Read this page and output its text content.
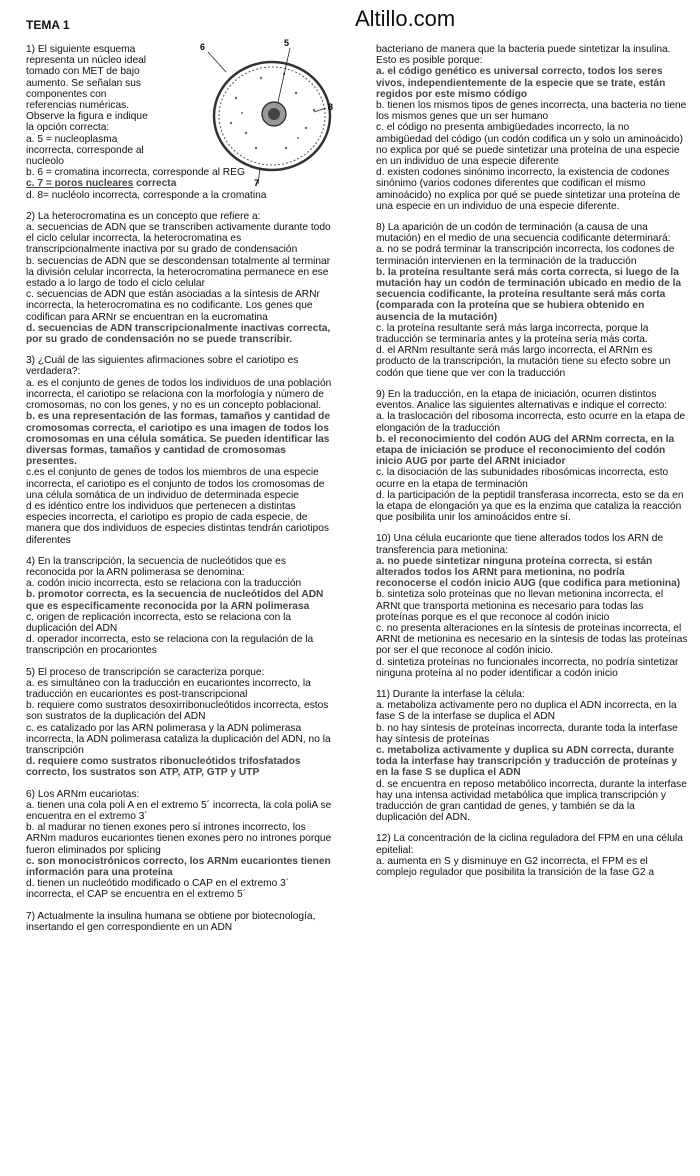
TEMA 1	Altillo.com
5
6
7
8
1) El siguiente esquema
representa un núcleo ideal
tomado con MET de bajo
aumento. Se señalan sus
componentes con
referencias numéricas.
Observe la figura e indique
la opción correcta:
a. 5 = nucleoplasma
incorrecta, corresponde al nucleolo
b. 6 = cromatina incorrecta, corresponde al REG
c. 7 = poros nucleares correcta
d. 8= nucléolo incorrecta, corresponde a la cromatina
2) La heterocromatina es un concepto que refiere a:
a. secuencias de ADN que se transcriben activamente durante todo el ciclo celular incorrecta, la heterocromatina es transcripcionalmente inactiva por su grado de condensación
b. secuencias de ADN que se descondensan totalmente al terminar la división celular incorrecta, la heterocromatina permanece en ese estado a lo largo de todo el ciclo celular
c. secuencias de ADN que están asociadas a la síntesis de ARNr incorrecta, la heterocromatina es no codificante. Los genes que codifican para ARNr se encuentran en la eucromatina
d. secuencias de ADN transcripcionalmente inactivas correcta, por su grado de condensación no se puede transcribir.
3) ¿Cuál de las siguientes afirmaciones sobre el cariotipo es verdadera?:
a. es el conjunto de genes de todos los individuos de una población incorrecta, el cariotipo se relaciona con la morfología y número de cromosomas, no con los genes, y no es un concepto poblacional.
b. es una representación de las formas, tamaños y cantidad de cromosomas correcta, el cariotipo es una imagen de todos los cromosomas en una célula somática. Se pueden identificar las diversas formas, tamaños y cantidad de cromosomas presentes.
c.es el conjunto de genes de todos los miembros de una especie incorrecta, el cariotipo es el conjunto de todos los cromosomas de una célula somática de un individuo de determinada especie
d es idéntico entre los individuos que pertenecen a distintas especies incorrecta, el cariotipo es propio de cada especie, de manera que dos individuos de especies distintas tendrán cariotipos diferentes
4) En la transcripción, la secuencia de nucleótidos que es reconocida por la ARN polimerasa se denomina:
a. codón inicio incorrecta, esto se relaciona con la traducción
b. promotor correcta, es la secuencia de nucleótidos del ADN que es específicamente reconocida por la ARN polimerasa
c. origen de replicación incorrecta, esto se relaciona con la duplicación del ADN
d. operador incorrecta, esto se relaciona con la regulación de la transcripción en procariontes
5) El proceso de transcripción se caracteriza porque:
a. es simultáneo con la traducción en eucariontes incorrecto, la traducción en eucariontes es post-transcripcional
b. requiere como sustratos desoxirribonucleótidos incorrecta, estos son sustratos de la duplicación del ADN
c. es catalizado por las ARN polimerasa y la ADN polimerasa incorrecta, la ADN polimerasa cataliza la duplicación del ADN, no la transcripción
d. requiere como sustratos ribonucleótidos trifosfatados correcto, los sustratos son ATP, ATP, GTP y UTP
6) Los ARNm eucariotas:
a. tienen una cola poli A en el extremo 5´ incorrecta, la cola poliA se encuentra en el extremo 3´
b. al madurar no tienen exones pero sí intrones incorrecto, los ARNm maduros eucariontes tienen exones pero no intrones porque fueron eliminados por splicing
c. son monocistrónicos correcto, los ARNm eucariontes tienen información para una proteína
d. tienen un nucleótido modificado o CAP en el extremo 3´ incorrecta, el CAP se encuentra en el extremo 5´
7) Actualmente la insulina humana se obtiene por biotecnología, insertando el gen correspondiente en un ADN
bacteriano de manera que la bacteria puede sintetizar la insulina. Esto es posible porque:
a. el código genético es universal correcto, todos los seres vivos, independientemente de la especie que se trate, están regidos por este mismo código
b. tienen los mismos tipos de genes incorrecta, una bacteria no tiene los mismos genes que un ser humano
c. el código no presenta ambigüedades incorrecto, la no ambigüedad del código (un codón codifica un y solo un aminoácido) no explica por qué se puede sintetizar una proteína de una especie en un individuo de una especie diferente
d. existen codones sinónimo incorrecto, la existencia de codones sinónimo (varios codones diferentes que codifican el mismo aminoácido) no explica por qué se puede sintetizar una proteína de una especie en un individuo de una especie diferente.
8) La aparición de un codón de terminación (a causa de una mutación) en el medio de una secuencia codificante determinará:
a. no se podrá terminar la transcripción incorrecta, los codones de terminación intervienen en la terminación de la traducción
b. la proteína resultante será más corta correcta, si luego de la mutación hay un codón de terminación ubicado en medio de la secuencia codificante, la proteína resultante será más corta (comparada con la proteína que se hubiera obtenido en ausencia de la mutación)
c. la proteína resultante será más larga incorrecta, porque la traducción se terminaría antes y la proteína sería más corta.
d. el ARNm resultante será más largo incorrecta, el ARNm es producto de la transcripción, la mutación tiene su efecto sobre un codón que tiene que ver con la traducción
9) En la traducción, en la etapa de iniciación, ocurren distintos eventos. Analice las siguientes alternativas e indique el correcto:
a. la traslocación del ribosoma incorrecta, esto ocurre en la etapa de elongación de la traducción
b. el reconocimiento del codón AUG del ARNm correcta, en la etapa de iniciación se produce el reconocimiento del codón inicio AUG por parte del ARNt iniciador
c. la disociación de las subunidades ribosómicas incorrecta, esto ocurre en la etapa de terminación
d. la participación de la peptidil transferasa incorrecta, esto se da en la etapa de elongación ya que es la enzima que cataliza la reacción que posibilita unir los aminoácidos entre sí.
10) Una célula eucarionte que tiene alterados todos los ARN de transferencia para metionina:
a. no puede sintetizar ninguna proteína correcta, si están alterados todos los ARNt para metionina, no podría reconocerse el codón inicio AUG (que codifica para metionina)
b. sintetiza solo proteínas que no llevan metionina incorrecta, el ARNt que transporta metionina es necesario para todas las proteínas porque es el que reconoce al codón inicio
c. no presenta alteraciones en la síntesis de proteínas incorrecta, el ARNt de metionina es necesario en la síntesis de todas las proteínas por ser el que reconoce al codón inicio.
d. sintetiza proteínas no funcionales incorrecta, no podría sintetizar ninguna proteína al no poder identificar a codón inicio
11) Durante la interfase la célula:
a. metaboliza activamente pero no duplica el ADN incorrecta, en la fase S de la interfase se duplica el ADN
b. no hay síntesis de proteínas incorrecta, durante toda la interfase hay síntesis de proteínas
c. metaboliza activamente y duplica su ADN correcta, durante toda la interfase hay transcripción y traducción de proteínas y en la fase S se duplica el ADN
d. se encuentra en reposo metabólico incorrecta, durante la interfase hay una intensa actividad metabólica que implica transcripción y traducción de gran cantidad de genes, y también se da la duplicación del ADN.
12) La concentración de la ciclina reguladora del FPM en una célula epitelial:
a. aumenta en S y disminuye en G2 incorrecta, el FPM es el complejo regulador que posibilita la transición de la fase G2 a
